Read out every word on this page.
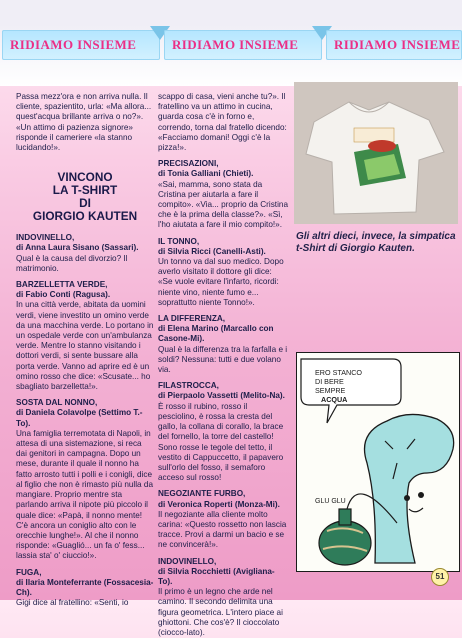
RIDIAMO INSIEME	RIDIAMO INSIEME	RIDIAMO INSIEME

Passa mezz'ora e non arriva nulla. Il cliente, spazientito, urla: «Ma allora... quest'acqua brillante arriva o no?». «Un attimo di pazienza signore» risponde il cameriere «la stanno lucidando!».

VINCONO
LA T-SHIRT
DI
GIORGIO KAUTEN

INDOVINELLO,

di Anna Laura Sisano (Sassari).

Qual è la causa del divorzio? Il matrimonio.

BARZELLETTA VERDE,

di Fabio Conti (Ragusa).

In una città verde, abitata da uomini verdi, viene investito un omino verde da una macchina verde. Lo portano in un ospedale verde con un'ambulanza verde. Mentre lo stanno visitando i dottori verdi, si sente bussare alla porta verde. Vanno ad aprire ed è un omino rosso che dice: «Scusate... ho sbagliato barzelletta!».

SOSTA DAL NONNO,

di Daniela Colavolpe (Settimo T.-To).

Una famiglia terremotata di Napoli, in attesa di una sistemazione, si reca dai genitori in campagna. Dopo un mese, durante il quale il nonno ha fatto arrosto tutti i polli e i conigli, dice al figlio che non è rimasto più nulla da mangiare. Proprio mentre sta parlando arriva il nipote più piccolo il quale dice: «Papà, il nonno mente! C'è ancora un coniglio alto con le orecchie lunghe!». Al che il nonno risponde: «Guaglió... un fa o' fess... lassia sta' o' ciuccio!».

FUGA,

di Ilaria Monteferrante (Fossacesia-Ch).

Gigi dice al fratellino: «Senti, io

scappo di casa, vieni anche tu?». Il fratellino va un attimo in cucina, guarda cosa c'è in forno e, correndo, torna dal fratello dicendo: «Facciamo domani! Oggi c'è la pizza!».

PRECISAZIONI,

di Tonia Galliani (Chieti).

«Sai, mamma, sono stata da Cristina per aiutarla a fare il compito». «Via... proprio da Cristina che è la prima della classe?». «Sì, l'ho aiutata a fare il mio compito!».

IL TONNO,

di Silvia Ricci (Canelli-Asti).

Un tonno va dal suo medico. Dopo averlo visitato il dottore gli dice: «Se vuole evitare l'infarto, ricordi: niente vino, niente fumo e... soprattutto niente Tonno!».

LA DIFFERENZA,

di Elena Marino (Marcallo con Casone-Mi).

Qual è la differenza tra la farfalla e i soldi? Nessuna: tutti e due volano via.

FILASTROCCA,

di Pierpaolo Vassetti (Melito-Na).

È rosso il rubino, rosso il pesciolino, è rossa la cresta del gallo, la collana di corallo, la brace del fornello, la torre del castello! Sono rosse le tegole del tetto, il vestito di Cappuccetto, il papavero sull'orlo del fosso, il semaforo acceso sul rosso!

NEGOZIANTE FURBO,

di Veronica Roperti (Monza-Mi).

Il negoziante alla cliente molto carina: «Questo rossetto non lascia tracce. Provi a darmi un bacio e se ne convincerà!».

INDOVINELLO,

di Silvia Rocchietti (Avigliana-To).

Il primo è un legno che arde nel camino. Il secondo delimita una figura geometrica. L'intero piace ai ghiottoni. Che cos'è? Il cioccolato (ciocco-lato).

Gli altri dieci, invece, la simpatica t-Shirt di Giorgio Kauten.
ERO STANCO DI BERE SEMPRE ACQUA
GLU GLU
51
